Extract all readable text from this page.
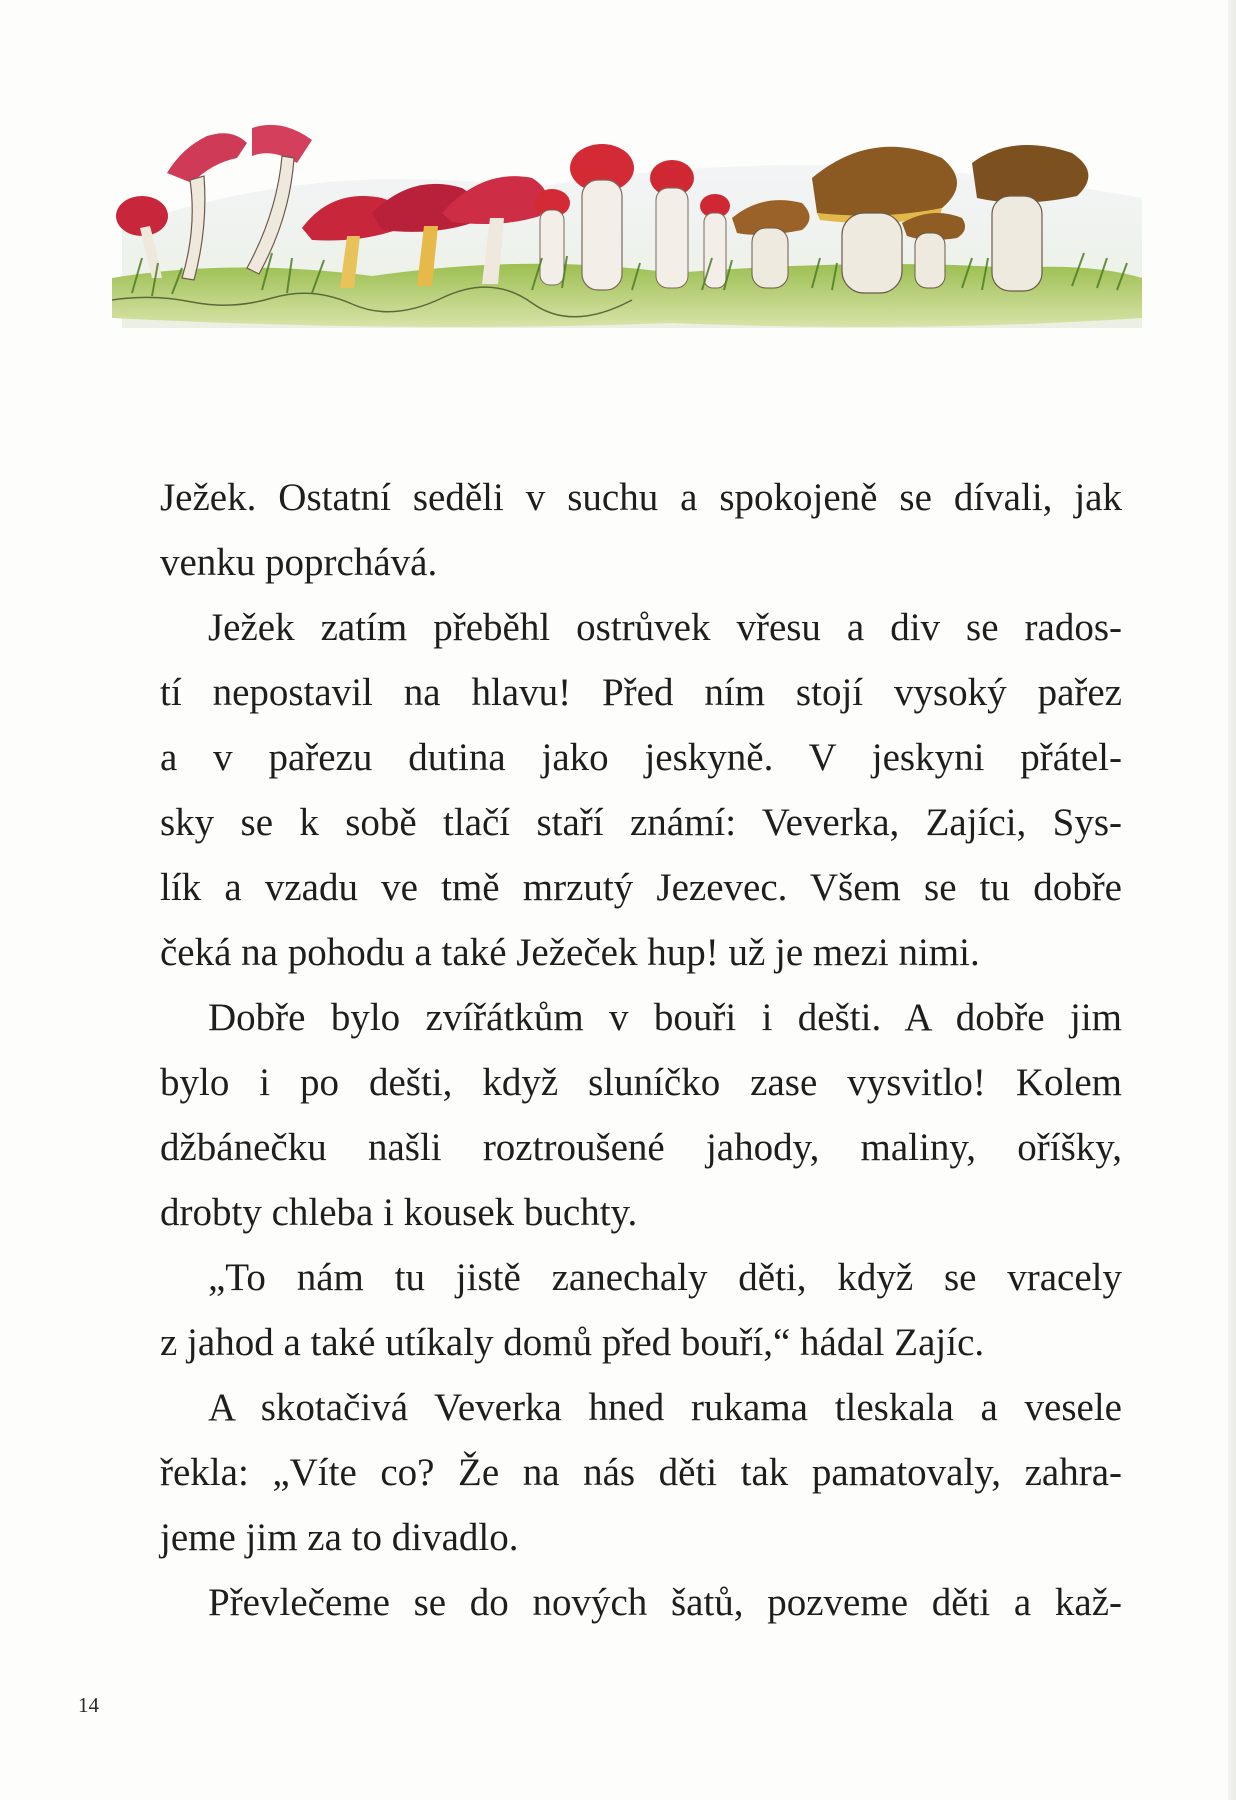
Ježek. Ostatní seděli v suchu a spokojeně se dívali, jak
venku poprchává.
Ježek zatím přeběhl ostrůvek vřesu a div se rados-
tí nepostavil na hlavu! Před ním stojí vysoký pařez
a v pařezu dutina jako jeskyně. V jeskyni přátel-
sky se k sobě tlačí staří známí: Veverka, Zajíci, Sys-
lík a vzadu ve tmě mrzutý Jezevec. Všem se tu dobře
čeká na pohodu a také Ježeček hup! už je mezi nimi.
Dobře bylo zvířátkům v bouři i dešti. A dobře jim
bylo i po dešti, když sluníčko zase vysvitlo! Kolem
džbánečku našli roztroušené jahody, maliny, oříšky,
drobty chleba i kousek buchty.
„To nám tu jistě zanechaly děti, když se vracely
z jahod a také utíkaly domů před bouří,“ hádal Zajíc.
A skotačivá Veverka hned rukama tleskala a vesele
řekla: „Víte co? Že na nás děti tak pamatovaly, zahra-
jeme jim za to divadlo.
Převlečeme se do nových šatů, pozveme děti a kaž-
14
